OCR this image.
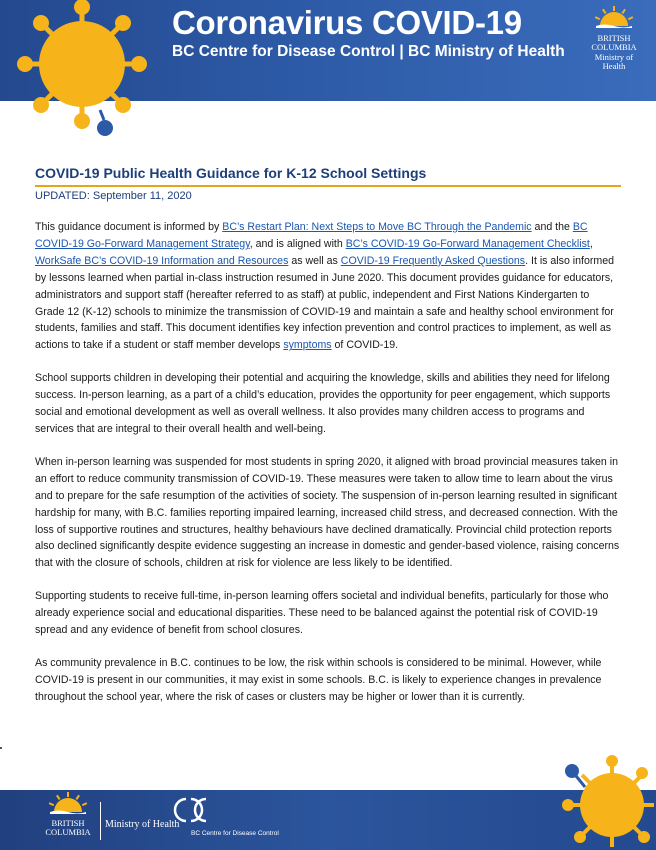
Coronavirus COVID-19
BC Centre for Disease Control | BC Ministry of Health
BRITISH COLUMBIA
Ministry of Health
COVID-19 Public Health Guidance for K-12 School Settings
UPDATED: September 11, 2020

This guidance document is informed by BC’s Restart Plan: Next Steps to Move BC Through the Pandemic and the BC COVID-19 Go-Forward Management Strategy, and is aligned with BC’s COVID-19 Go-Forward Management Checklist, WorkSafe BC’s COVID-19 Information and Resources as well as COVID-19 Frequently Asked Questions. It is also informed by lessons learned when partial in-class instruction resumed in June 2020. This document provides guidance for educators, administrators and support staff (hereafter referred to as staff) at public, independent and First Nations Kindergarten to Grade 12 (K-12) schools to minimize the transmission of COVID-19 and maintain a safe and healthy school environment for students, families and staff. This document identifies key infection prevention and control practices to implement, as well as actions to take if a student or staff member develops symptoms of COVID-19.

School supports children in developing their potential and acquiring the knowledge, skills and abilities they need for lifelong success. In-person learning, as a part of a child’s education, provides the opportunity for peer engagement, which supports social and emotional development as well as overall wellness. It also provides many children access to programs and services that are integral to their overall health and well-being.

When in-person learning was suspended for most students in spring 2020, it aligned with broad provincial measures taken in an effort to reduce community transmission of COVID-19. These measures were taken to allow time to learn about the virus and to prepare for the safe resumption of the activities of society. The suspension of in-person learning resulted in significant hardship for many, with B.C. families reporting impaired learning, increased child stress, and decreased connection. With the loss of supportive routines and structures, healthy behaviours have declined dramatically. Provincial child protection reports also declined significantly despite evidence suggesting an increase in domestic and gender-based violence, raising concerns that with the closure of schools, children at risk for violence are less likely to be identified.

Supporting students to receive full-time, in-person learning offers societal and individual benefits, particularly for those who already experience social and educational disparities. These need to be balanced against the potential risk of COVID-19 spread and any evidence of benefit from school closures.

As community prevalence in B.C. continues to be low, the risk within schools is considered to be minimal. However, while COVID-19 is present in our communities, it may exist in some schools. B.C. is likely to experience changes in prevalence throughout the school year, where the risk of cases or clusters may be higher or lower than it is currently.

BRITISH COLUMBIA
Ministry of Health
BC Centre for Disease Control
